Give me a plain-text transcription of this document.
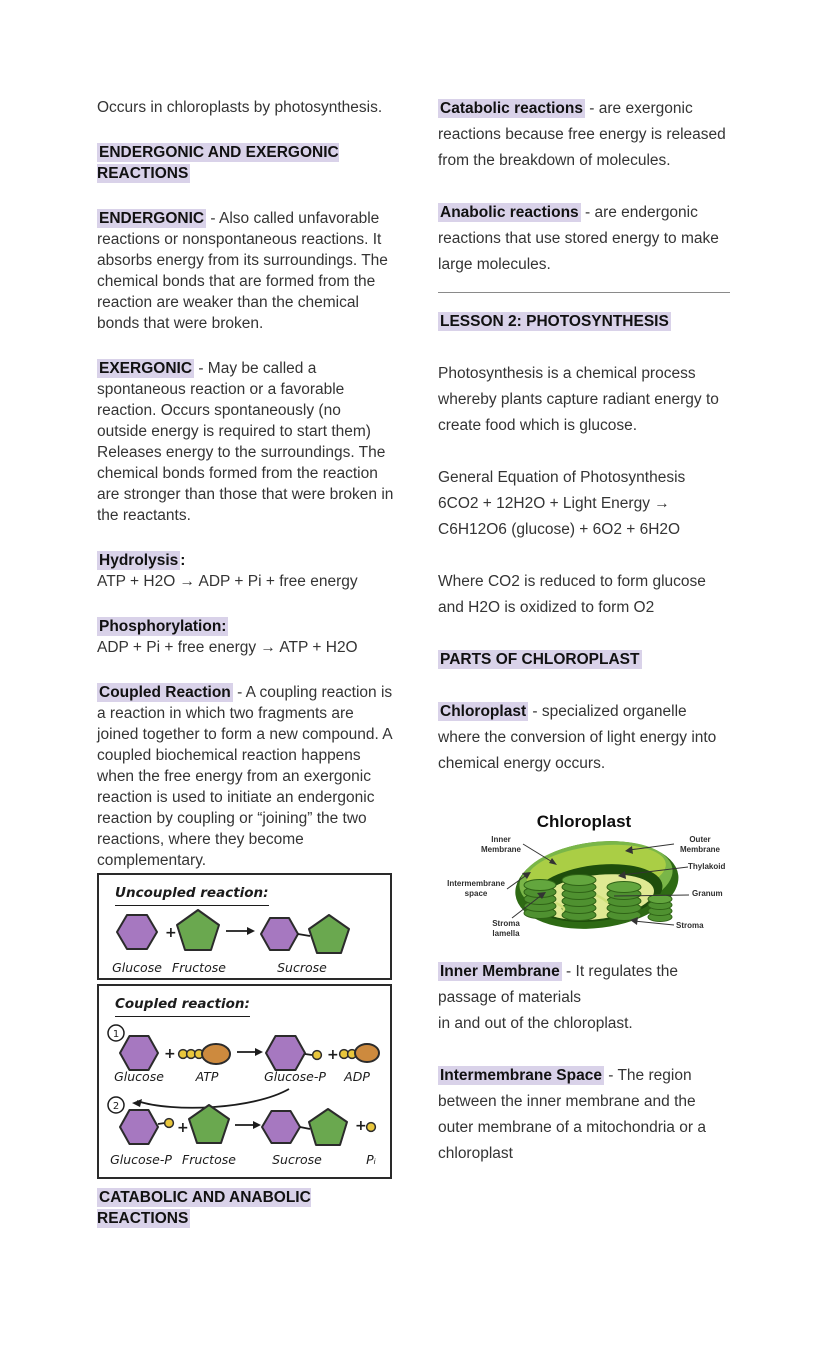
Occurs in chloroplasts by photosynthesis.

ENDERGONIC AND EXERGONIC REACTIONS

ENDERGONIC - Also called unfavorable reactions or nonspontaneous reactions. It absorbs energy from its surroundings. The chemical bonds that are formed from the reaction are weaker than the chemical bonds that were broken.

EXERGONIC - May be called a spontaneous reaction or a favorable reaction. Occurs spontaneously (no outside energy is required to start them) Releases energy to the surroundings. The chemical bonds formed from the reaction are stronger than those that were broken in the reactants.

Hydrolysis :
ATP + H2O → ADP + Pi + free energy

Phosphorylation:
ADP + Pi + free energy → ATP + H2O

Coupled Reaction - A coupling reaction is a reaction in which two fragments are joined together to form a new compound. A coupled biochemical reaction happens when the free energy from an exergonic reaction is used to initiate an endergonic reaction by coupling or “joining” the two reactions, where they become complementary.

Uncoupled reaction:
+
Glucose Fructose	Sucrose
Coupled reaction:
1
+	+
Glucose	ATP	Glucose-P ADP
2
+	+
Glucose-P Fructose	Sucrose	Pᵢ

CATABOLIC AND ANABOLIC REACTIONS

Catabolic reactions - are exergonic reactions because free energy is released from the breakdown of molecules.

Anabolic reactions - are endergonic reactions that use stored energy to make large molecules.

LESSON 2: PHOTOSYNTHESIS

Photosynthesis is a chemical process whereby plants capture radiant energy to create food which is glucose.

General Equation of Photosynthesis
6CO2 + 12H2O + Light Energy →
C6H12O6 (glucose) + 6O2 + 6H2O

Where CO2 is reduced to form glucose and H2O is oxidized to form O2

PARTS OF CHLOROPLAST

Chloroplast - specialized organelle where the conversion of light energy into chemical energy occurs.

Chloroplast
Inner Membrane
Outer Membrane
Thylakoid
Intermembrane space	Granum
Stroma lamella
Stroma

Inner Membrane - It regulates the passage of materials
in and out of the chloroplast.

Intermembrane Space - The region between the inner membrane and the outer membrane of a mitochondria or a chloroplast
